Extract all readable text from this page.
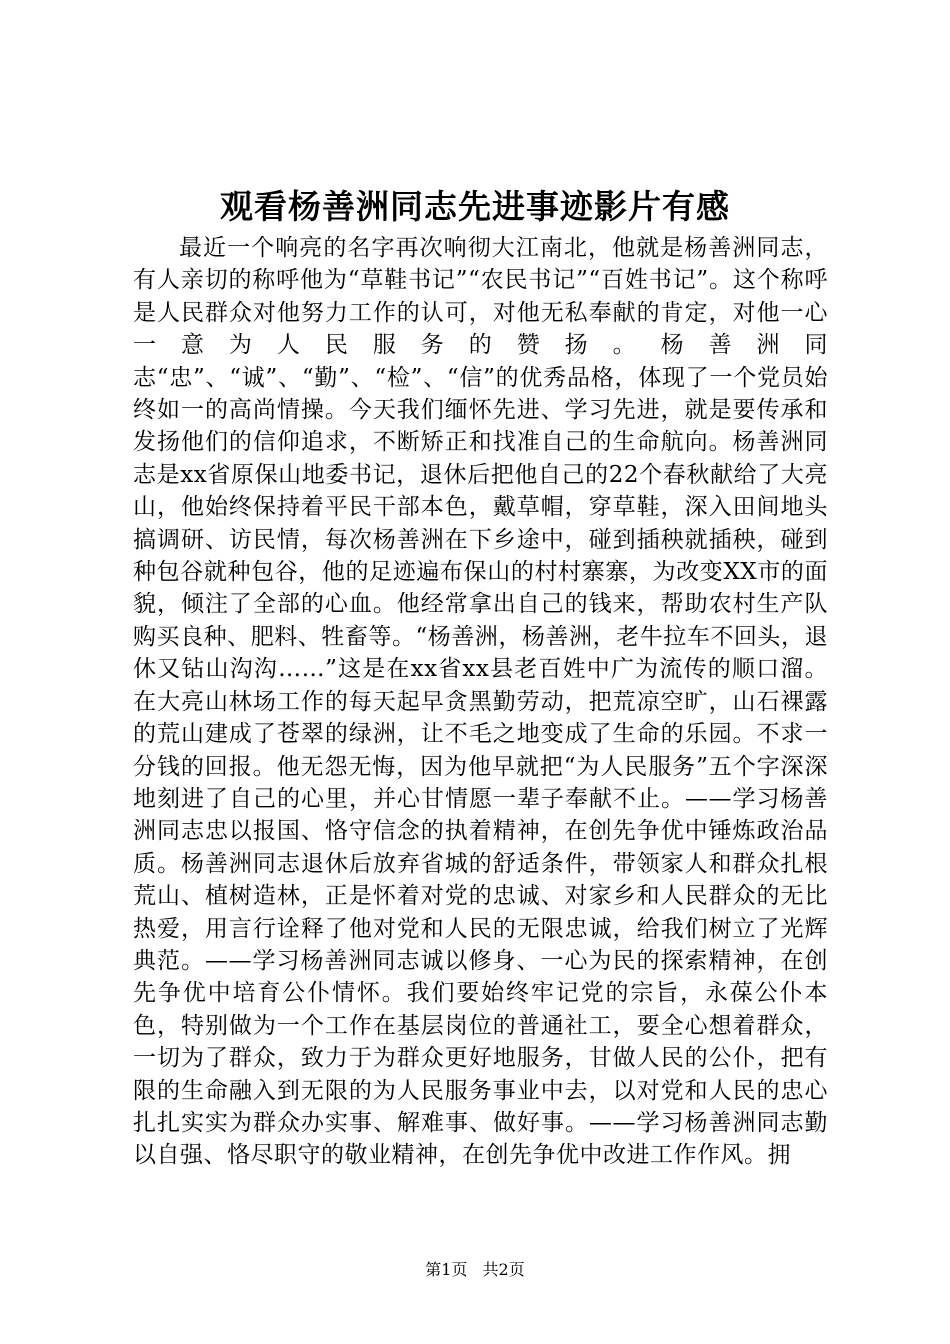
观看杨善洲同志先进事迹影片有感

最近一个响亮的名字再次响彻大江南北，他就是杨善洲同志，有人亲切的称呼他为“草鞋书记”“农民书记”“百姓书记”。这个称呼是人民群众对他努力工作的认可，对他无私奉献的肯定，对他一心一意为人民服务的赞扬。杨善洲同志“忠”、“诚”、“勤”、“检”、“信”的优秀品格，体现了一个党员始终如一的高尚情操。今天我们缅怀先进、学习先进，就是要传承和发扬他们的信仰追求，不断矫正和找准自己的生命航向。杨善洲同志是xx省原保山地委书记，退休后把他自己的22个春秋献给了大亮山，他始终保持着平民干部本色，戴草帽，穿草鞋，深入田间地头搞调研、访民情，每次杨善洲在下乡途中，碰到插秧就插秧，碰到种包谷就种包谷，他的足迹遍布保山的村村寨寨，为改变XX市的面貌，倾注了全部的心血。他经常拿出自己的钱来，帮助农村生产队购买良种、肥料、牲畜等。“杨善洲，杨善洲，老牛拉车不回头，退休又钻山沟沟……”这是在xx省xx县老百姓中广为流传的顺口溜。在大亮山林场工作的每天起早贪黑勤劳动，把荒凉空旷，山石裸露的荒山建成了苍翠的绿洲，让不毛之地变成了生命的乐园。不求一分钱的回报。他无怨无悔，因为他早就把“为人民服务”五个字深深地刻进了自己的心里，并心甘情愿一辈子奉献不止。——学习杨善洲同志忠以报国、恪守信念的执着精神，在创先争优中锤炼政治品质。杨善洲同志退休后放弃省城的舒适条件，带领家人和群众扎根荒山、植树造林，正是怀着对党的忠诚、对家乡和人民群众的无比热爱，用言行诠释了他对党和人民的无限忠诚，给我们树立了光辉典范。——学习杨善洲同志诚以修身、一心为民的探索精神，在创先争优中培育公仆情怀。我们要始终牢记党的宗旨，永葆公仆本色，特别做为一个工作在基层岗位的普通社工，要全心想着群众，一切为了群众，致力于为群众更好地服务，甘做人民的公仆，把有限的生命融入到无限的为人民服务事业中去，以对党和人民的忠心扎扎实实为群众办实事、解难事、做好事。——学习杨善洲同志勤以自强、恪尽职守的敬业精神，在创先争优中改进工作作风。拥

第1页 共2页
